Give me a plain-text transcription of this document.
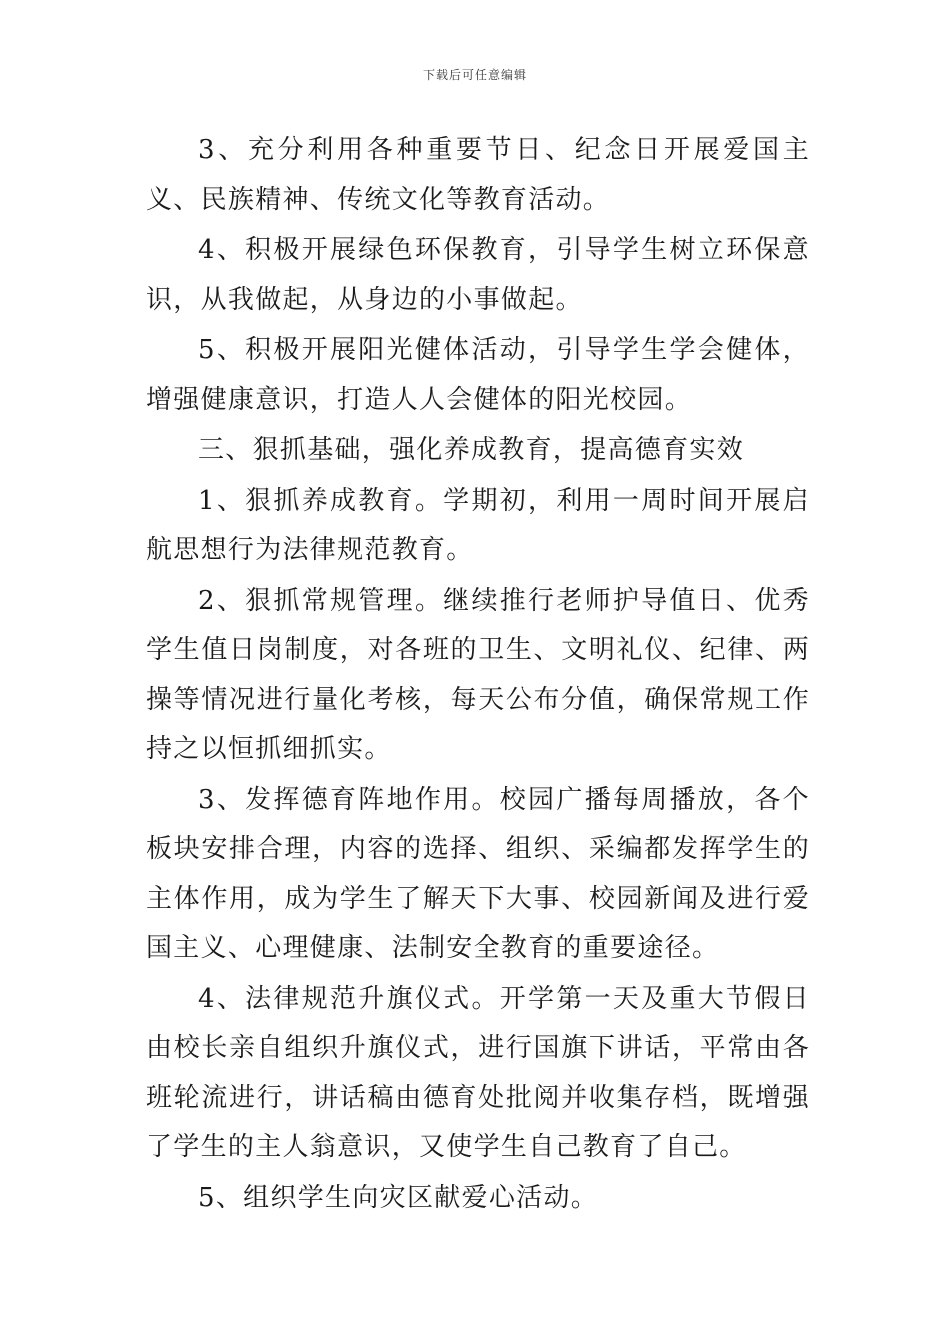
下载后可任意编辑

3、充分利用各种重要节日、纪念日开展爱国主义、民族精神、传统文化等教育活动。

4、积极开展绿色环保教育，引导学生树立环保意识，从我做起，从身边的小事做起。

5、积极开展阳光健体活动，引导学生学会健体，增强健康意识，打造人人会健体的阳光校园。

三、狠抓基础，强化养成教育，提高德育实效

1、狠抓养成教育。学期初，利用一周时间开展启航思想行为法律规范教育。

2、狠抓常规管理。继续推行老师护导值日、优秀学生值日岗制度，对各班的卫生、文明礼仪、纪律、两操等情况进行量化考核，每天公布分值，确保常规工作持之以恒抓细抓实。

3、发挥德育阵地作用。校园广播每周播放，各个板块安排合理，内容的选择、组织、采编都发挥学生的主体作用，成为学生了解天下大事、校园新闻及进行爱国主义、心理健康、法制安全教育的重要途径。

4、法律规范升旗仪式。开学第一天及重大节假日由校长亲自组织升旗仪式，进行国旗下讲话，平常由各班轮流进行，讲话稿由德育处批阅并收集存档，既增强了学生的主人翁意识，又使学生自己教育了自己。

5、组织学生向灾区献爱心活动。
